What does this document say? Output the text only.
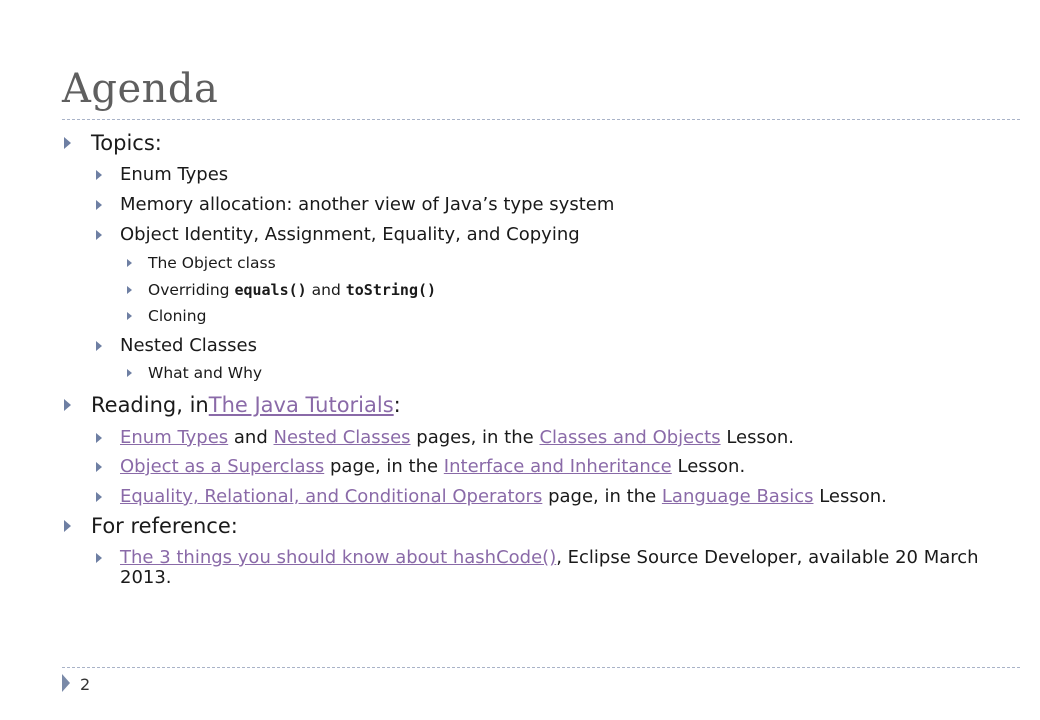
Agenda
Topics:
Enum Types
Memory allocation: another view of Java’s type system
Object Identity, Assignment, Equality, and Copying
The Object class
Overriding equals() and toString()
Cloning
Nested Classes
What and Why
Reading, inThe Java Tutorials:
Enum Types and Nested Classes pages, in the Classes and Objects Lesson.
Object as a Superclass page, in the Interface and Inheritance Lesson.
Equality, Relational, and Conditional Operators page, in the Language Basics Lesson.
For reference:
The 3 things you should know about hashCode(), Eclipse Source Developer, available 20 March 2013.
2
